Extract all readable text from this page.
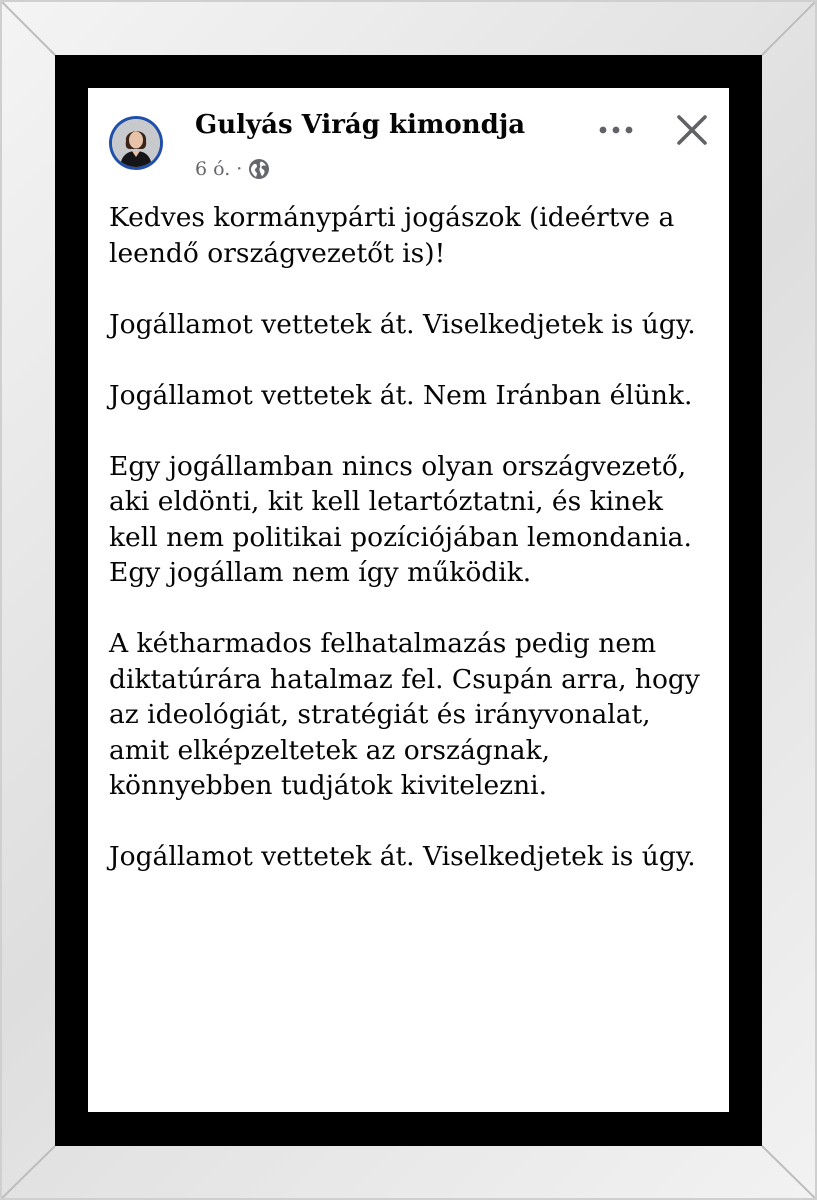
Gulyás Virág kimondja
6 ó. ·

Kedves kormánypárti jogászok (ideértve a leendő országvezetőt is)!

Jogállamot vettetek át. Viselkedjetek is úgy.

Jogállamot vettetek át. Nem Iránban élünk.

Egy jogállamban nincs olyan országvezető, aki eldönti, kit kell letartóztatni, és kinek kell nem politikai pozíciójában lemondania. Egy jogállam nem így működik.

A kétharmados felhatalmazás pedig nem diktatúrára hatalmaz fel. Csupán arra, hogy az ideológiát, stratégiát és irányvonalat, amit elképzeltetek az országnak, könnyebben tudjátok kivitelezni.

Jogállamot vettetek át. Viselkedjetek is úgy.
